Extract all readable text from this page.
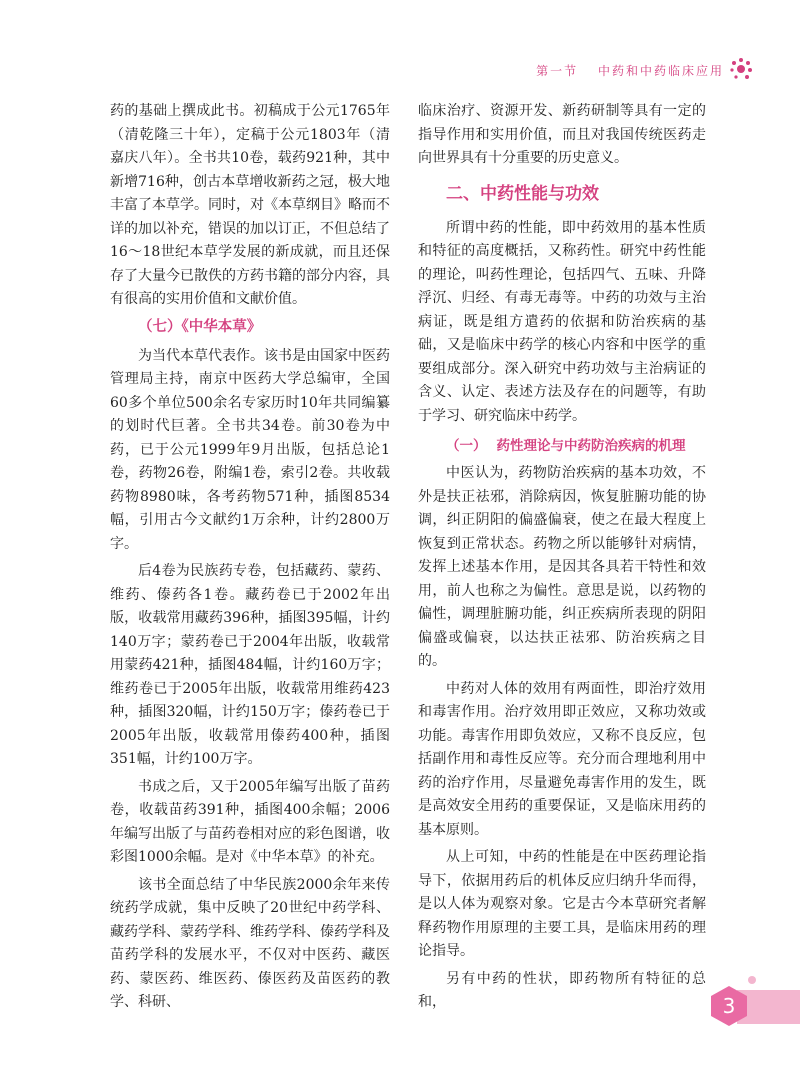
第一节 中药和中药临床应用

药的基础上撰成此书。初稿成于公元1765年（清乾隆三十年），定稿于公元1803年（清嘉庆八年）。全书共10卷，载药921种，其中新增716种，创古本草增收新药之冠，极大地丰富了本草学。同时，对《本草纲目》略而不详的加以补充，错误的加以订正，不但总结了16～18世纪本草学发展的新成就，而且还保存了大量今已散佚的方药书籍的部分内容，具有很高的实用价值和文献价值。

（七）《中华本草》

为当代本草代表作。该书是由国家中医药管理局主持，南京中医药大学总编审，全国60多个单位500余名专家历时10年共同编纂的划时代巨著。全书共34卷。前30卷为中药，已于公元1999年9月出版，包括总论1卷，药物26卷，附编1卷，索引2卷。共收载药物8980味，各考药物571种，插图8534幅，引用古今文献约1万余种，计约2800万字。

后4卷为民族药专卷，包括藏药、蒙药、维药、傣药各1卷。藏药卷已于2002年出版，收载常用藏药396种，插图395幅，计约140万字；蒙药卷已于2004年出版，收载常用蒙药421种，插图484幅，计约160万字；维药卷已于2005年出版，收载常用维药423种，插图320幅，计约150万字；傣药卷已于2005年出版，收载常用傣药400种，插图351幅，计约100万字。

书成之后，又于2005年编写出版了苗药卷，收载苗药391种，插图400余幅；2006年编写出版了与苗药卷相对应的彩色图谱，收彩图1000余幅。是对《中华本草》的补充。

该书全面总结了中华民族2000余年来传统药学成就，集中反映了20世纪中药学科、藏药学科、蒙药学科、维药学科、傣药学科及苗药学科的发展水平，不仅对中医药、藏医药、蒙医药、维医药、傣医药及苗医药的教学、科研、

临床治疗、资源开发、新药研制等具有一定的指导作用和实用价值，而且对我国传统医药走向世界具有十分重要的历史意义。

二、中药性能与功效

所谓中药的性能，即中药效用的基本性质和特征的高度概括，又称药性。研究中药性能的理论，叫药性理论，包括四气、五味、升降浮沉、归经、有毒无毒等。中药的功效与主治病证，既是组方遣药的依据和防治疾病的基础，又是临床中药学的核心内容和中医学的重要组成部分。深入研究中药功效与主治病证的含义、认定、表述方法及存在的问题等，有助于学习、研究临床中药学。

（一） 药性理论与中药防治疾病的机理

中医认为，药物防治疾病的基本功效，不外是扶正祛邪，消除病因，恢复脏腑功能的协调，纠正阴阳的偏盛偏衰，使之在最大程度上恢复到正常状态。药物之所以能够针对病情，发挥上述基本作用，是因其各具若干特性和效用，前人也称之为偏性。意思是说，以药物的偏性，调理脏腑功能，纠正疾病所表现的阴阳偏盛或偏衰，以达扶正祛邪、防治疾病之目的。

中药对人体的效用有两面性，即治疗效用和毒害作用。治疗效用即正效应，又称功效或功能。毒害作用即负效应，又称不良反应，包括副作用和毒性反应等。充分而合理地利用中药的治疗作用，尽量避免毒害作用的发生，既是高效安全用药的重要保证，又是临床用药的基本原则。

从上可知，中药的性能是在中医药理论指导下，依据用药后的机体反应归纳升华而得，是以人体为观察对象。它是古今本草研究者解释药物作用原理的主要工具，是临床用药的理论指导。

另有中药的性状，即药物所有特征的总和，	3
